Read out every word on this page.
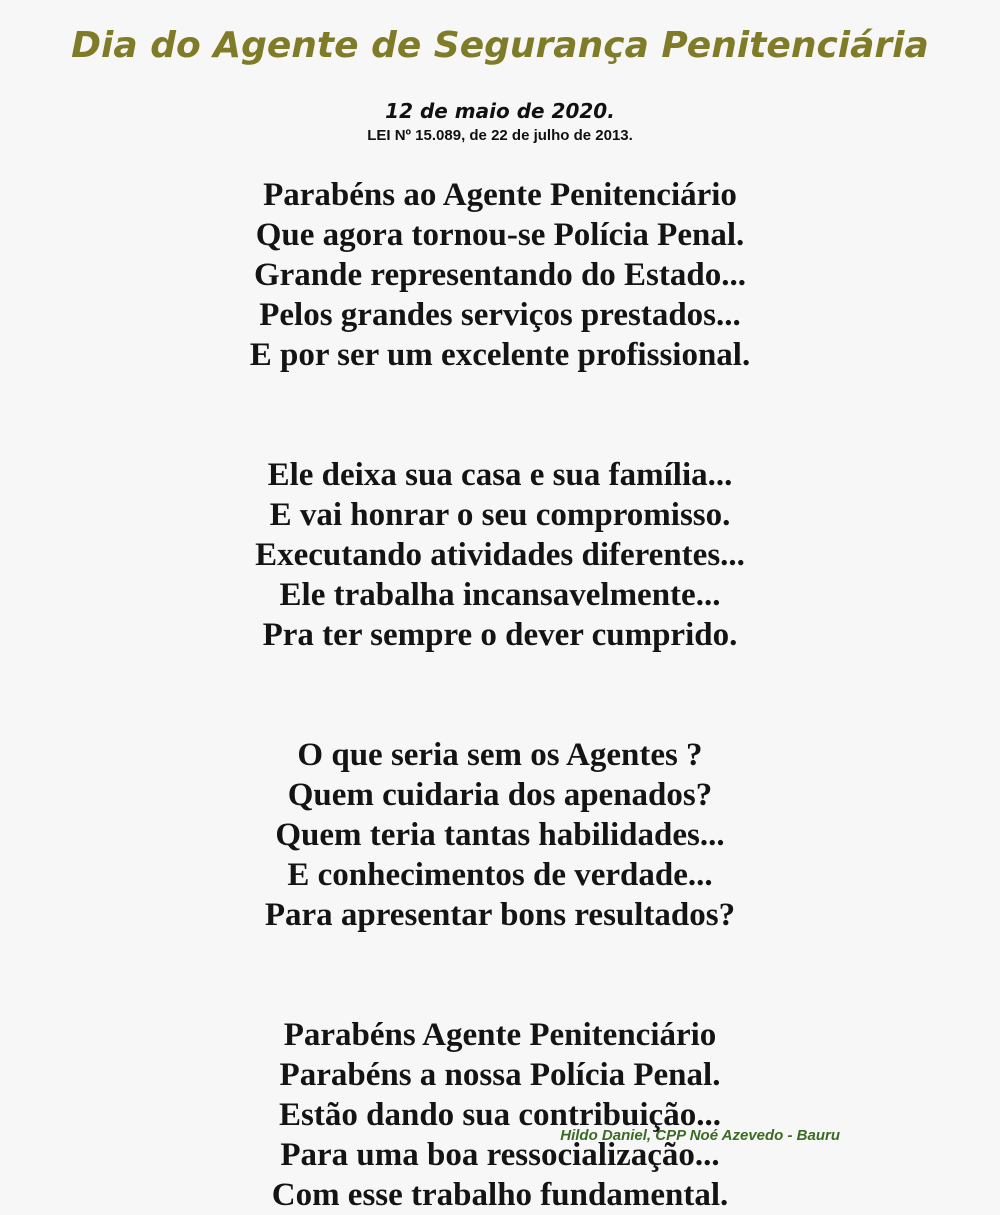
Dia do Agente de Segurança Penitenciária
12 de maio de 2020.
LEI Nº 15.089, de 22 de julho de 2013.
Parabéns ao Agente Penitenciário
Que agora tornou-se Polícia Penal.
Grande representando do Estado...
Pelos grandes serviços prestados...
E por ser um excelente profissional.
Ele deixa sua casa e sua família...
E vai honrar o seu compromisso.
Executando atividades diferentes...
Ele trabalha incansavelmente...
Pra ter sempre o dever cumprido.
O que seria sem os Agentes ?
Quem cuidaria dos apenados?
Quem teria tantas habilidades...
E conhecimentos de verdade...
Para apresentar bons resultados?
Parabéns Agente Penitenciário
Parabéns a nossa Polícia Penal.
Estão dando sua contribuição...
Para uma boa ressocialização...
Com esse trabalho fundamental.
Hildo Daniel, CPP Noé Azevedo - Bauru
